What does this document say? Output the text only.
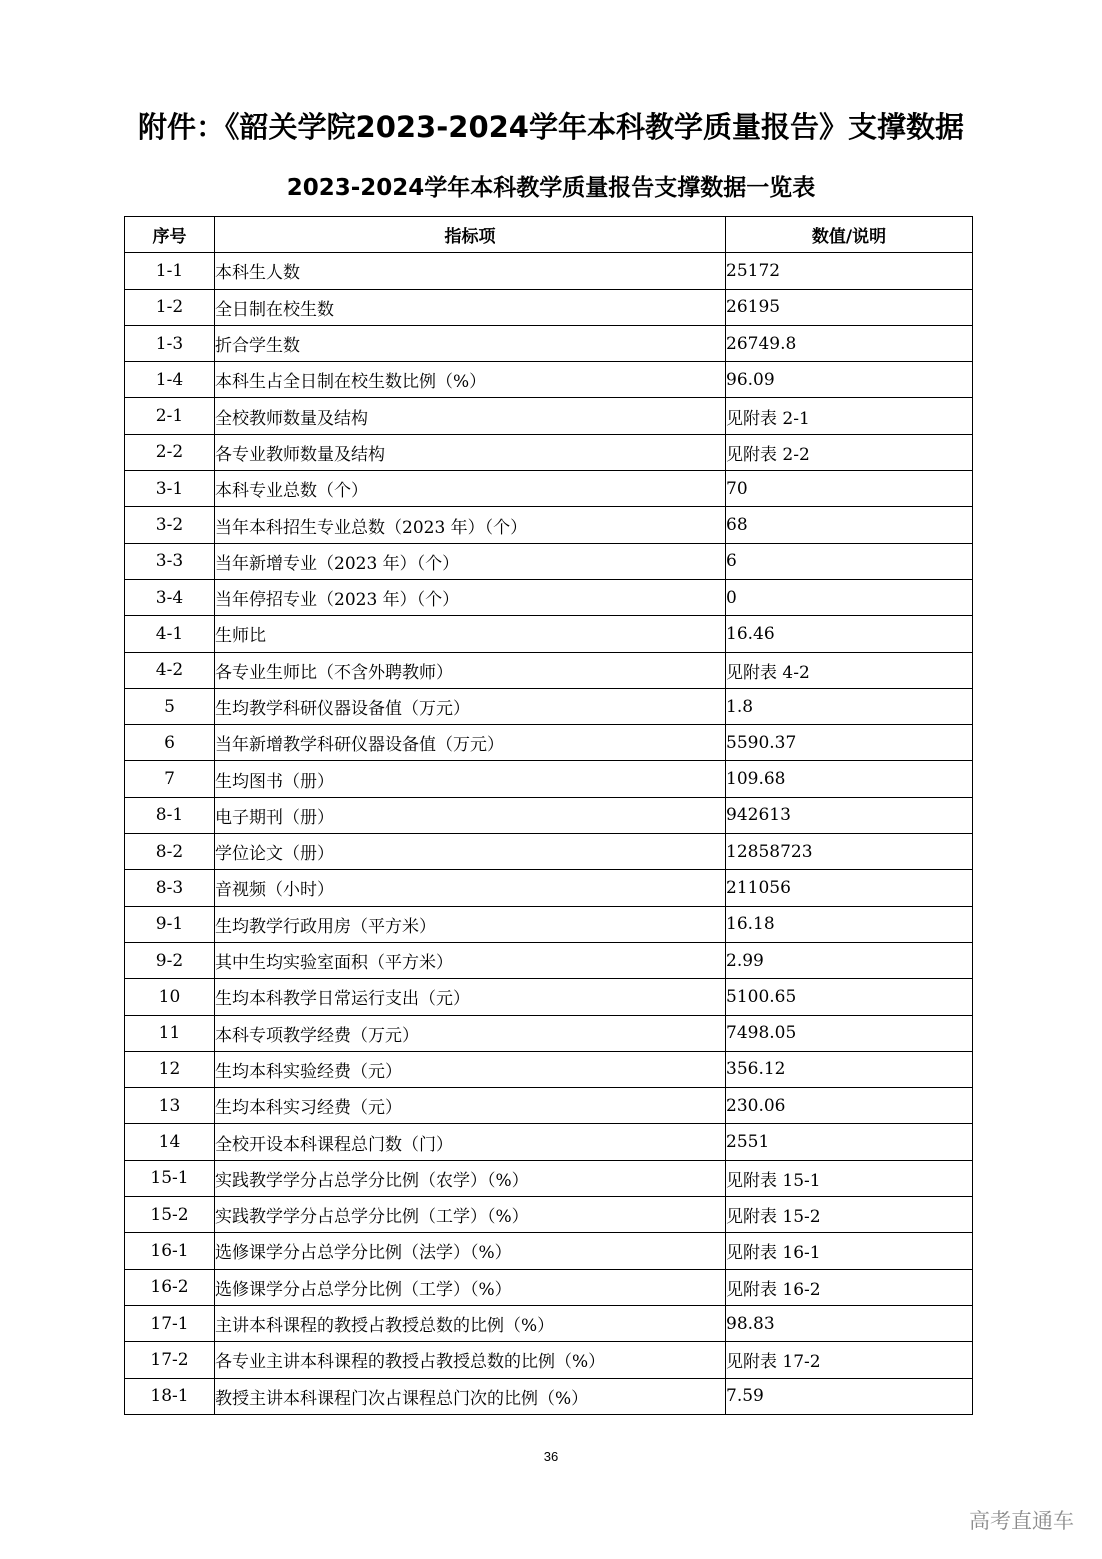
附件：《韶关学院2023-2024学年本科教学质量报告》支撑数据
2023-2024学年本科教学质量报告支撑数据一览表
序号	指标项	数值/说明
1-1	本科生人数	25172
1-2	全日制在校生数	26195
1-3	折合学生数	26749.8
1-4	本科生占全日制在校生数比例（%）	96.09
2-1	全校教师数量及结构	见附表 2-1
2-2	各专业教师数量及结构	见附表 2-2
3-1	本科专业总数（个）	70
3-2	当年本科招生专业总数（2023 年）（个）	68
3-3	当年新增专业（2023 年）（个）	6
3-4	当年停招专业（2023 年）（个）	0
4-1	生师比	16.46
4-2	各专业生师比（不含外聘教师）	见附表 4-2
5	生均教学科研仪器设备值（万元）	1.8
6	当年新增教学科研仪器设备值（万元）	5590.37
7	生均图书（册）	109.68
8-1	电子期刊（册）	942613
8-2	学位论文（册）	12858723
8-3	音视频（小时）	211056
9-1	生均教学行政用房（平方米）	16.18
9-2	其中生均实验室面积（平方米）	2.99
10	生均本科教学日常运行支出（元）	5100.65
11	本科专项教学经费（万元）	7498.05
12	生均本科实验经费（元）	356.12
13	生均本科实习经费（元）	230.06
14	全校开设本科课程总门数（门）	2551
15-1	实践教学学分占总学分比例（农学）（%）	见附表 15-1
15-2	实践教学学分占总学分比例（工学）（%）	见附表 15-2
16-1	选修课学分占总学分比例（法学）（%）	见附表 16-1
16-2	选修课学分占总学分比例（工学）（%）	见附表 16-2
17-1	主讲本科课程的教授占教授总数的比例（%）	98.83
17-2	各专业主讲本科课程的教授占教授总数的比例（%）	见附表 17-2
18-1	教授主讲本科课程门次占课程总门次的比例（%）	7.59
36
高考直通车
